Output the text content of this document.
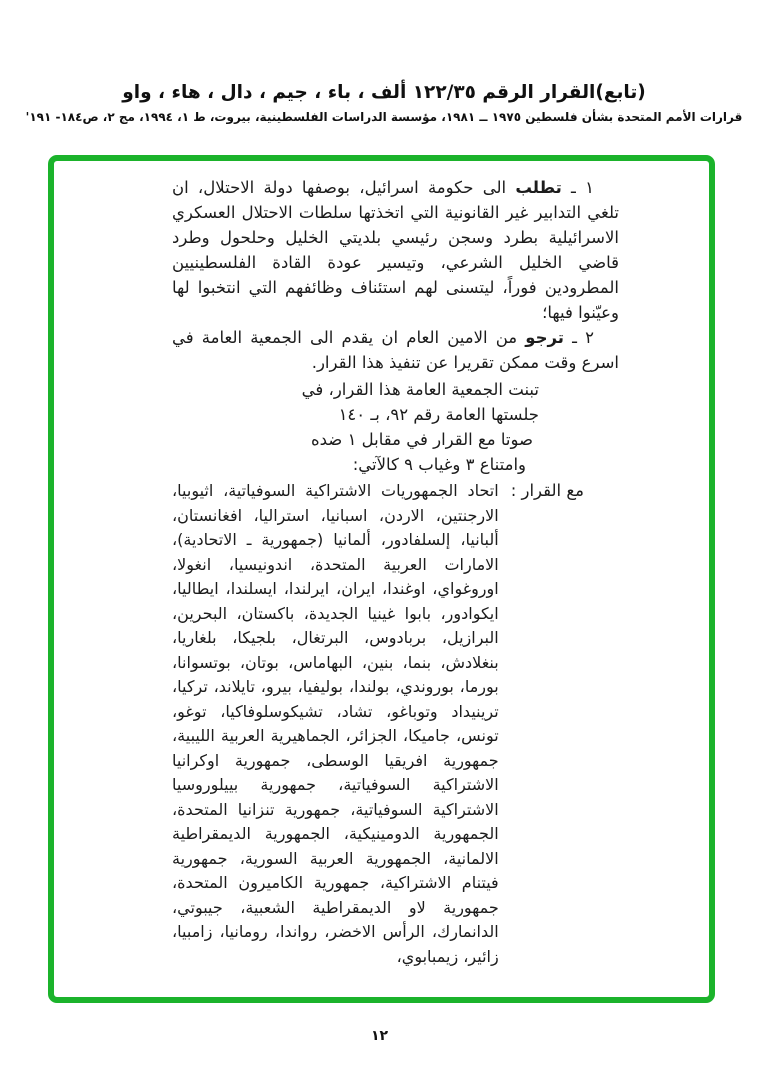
(تابع)القرار الرقم ١٢٢/٣٥ ألف ، باء ، جيم ، دال ، هاء ، واو
قرارات الأمم المتحدة بشأن فلسطين ١٩٧٥ ــ ١٩٨١، مؤسسة الدراسات الفلسطينية، بيروت، ط ١، ١٩٩٤، مج ٢، ص١٨٤- ١٩١'

١ ـ تطلب الى حكومة اسرائيل، بوصفها دولة الاحتلال، ان تلغي التدابير غير القانونية التي اتخذتها سلطات الاحتلال العسكري الاسرائيلية بطرد وسجن رئيسي بلديتي الخليل وحلحول وطرد قاضي الخليل الشرعي، وتيسير عودة القادة الفلسطينيين المطرودين فوراً، ليتسنى لهم استئناف وظائفهم التي انتخبوا لها وعيّنوا فيها؛

٢ ـ ترجو من الامين العام ان يقدم الى الجمعية العامة في اسرع وقت ممكن تقريرا عن تنفيذ هذا القرار.

تبنت الجمعية العامة هذا القرار، في
جلستها العامة رقم ٩٢، بـ ١٤٠
صوتا مع القرار في مقابل ١ ضده
وامتناع ٣ وغياب ٩ كالآتي:
مع القرار :
اتحاد الجمهوريات الاشتراكية السوفياتية، اثيوبيا، الارجنتين، الاردن، اسبانيا، استراليا، افغانستان، ألبانيا، إلسلفادور، ألمانيا (جمهورية ـ الاتحادية)، الامارات العربية المتحدة، اندونيسيا، انغولا، اوروغواي، اوغندا، ايران، ايرلندا، ايسلندا، ايطاليا، ايكوادور، بابوا غينيا الجديدة، باكستان، البحرين، البرازيل، بربادوس، البرتغال، بلجيكا، بلغاريا، بنغلادش، بنما، بنين، البهاماس، بوتان، بوتسوانا، بورما، بوروندي، بولندا، بوليفيا، بيرو، تايلاند، تركيا، ترينيداد وتوباغو، تشاد، تشيكوسلوفاكيا، توغو، تونس، جاميكا، الجزائر، الجماهيرية العربية الليبية، جمهورية افريقيا الوسطى، جمهورية اوكرانيا الاشتراكية السوفياتية، جمهورية بييلوروسيا الاشتراكية السوفياتية، جمهورية تنزانيا المتحدة، الجمهورية الدومينيكية، الجمهورية الديمقراطية الالمانية، الجمهورية العربية السورية، جمهورية فيتنام الاشتراكية، جمهورية الكاميرون المتحدة، جمهورية لاو الديمقراطية الشعبية، جيبوتي، الدانمارك، الرأس الاخضر، رواندا، رومانيا، زامبيا، زائير، زيمبابوي،
١٢
